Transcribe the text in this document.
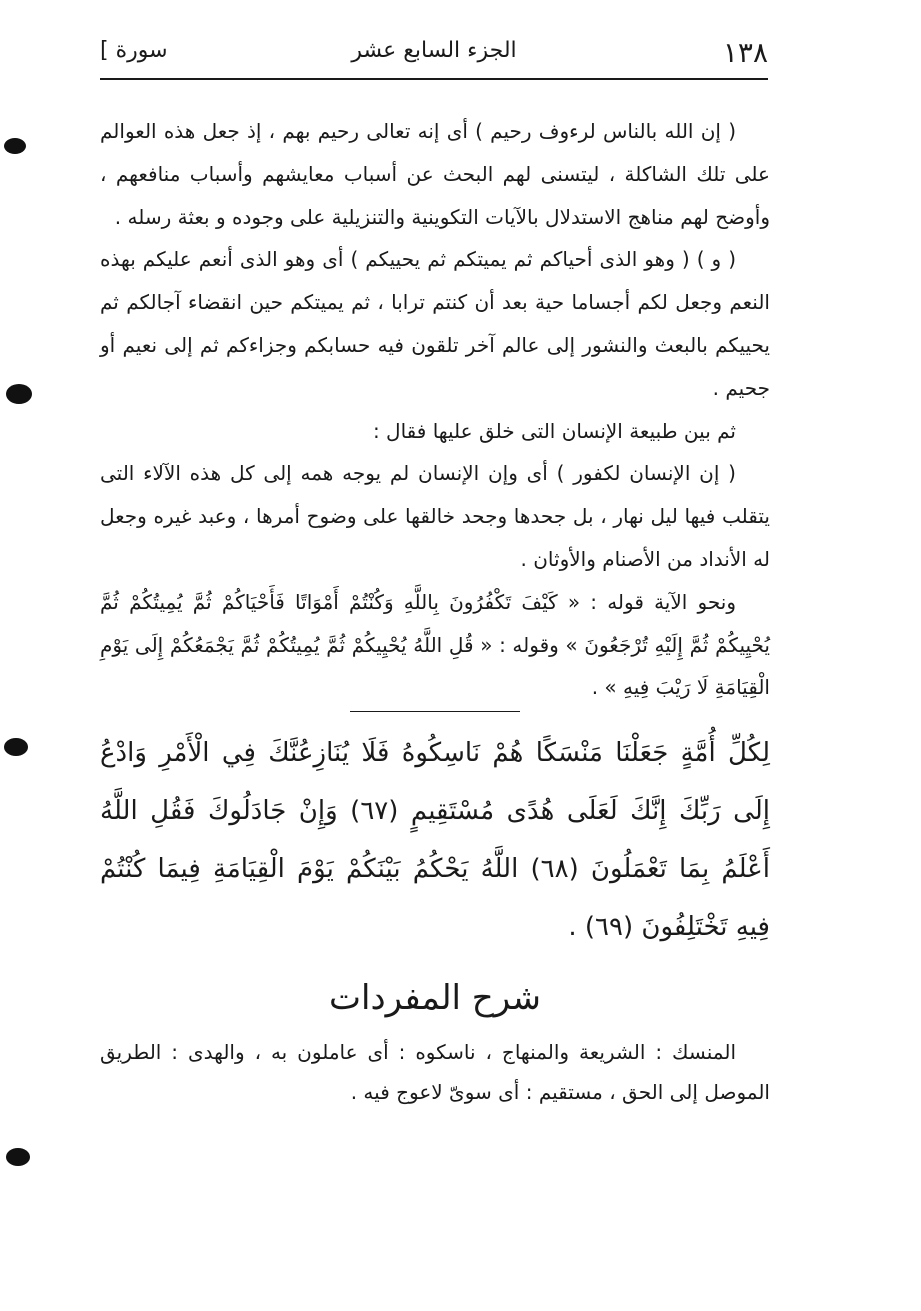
١٣٨
الجزء السابع عشر
سورة ]

( إن الله بالناس لرءوف رحيم ) أى إنه تعالى رحيم بهم ، إذ جعل هذه العوالم على تلك الشاكلة ، ليتسنى لهم البحث عن أسباب معايشهم وأسباب منافعهم ، وأوضح لهم مناهج الاستدلال بالآيات التكوينية والتنزيلية على وجوده و بعثة رسله .

( و ) ( وهو الذى أحياكم ثم يميتكم ثم يحييكم ) أى وهو الذى أنعم عليكم بهذه النعم وجعل لكم أجساما حية بعد أن كنتم ترابا ، ثم يميتكم حين انقضاء آجالكم ثم يحييكم بالبعث والنشور إلى عالم آخر تلقون فيه حسابكم وجزاءكم ثم إلى نعيم أو جحيم .

ثم بين طبيعة الإنسان التى خلق عليها فقال :

( إن الإنسان لكفور ) أى وإن الإنسان لم يوجه همه إلى كل هذه الآلاء التى يتقلب فيها ليل نهار ، بل جحدها وجحد خالقها على وضوح أمرها ، وعبد غيره وجعل له الأنداد من الأصنام والأوثان .

ونحو الآية قوله : « كَيْفَ تَكْفُرُونَ بِاللَّهِ وَكُنْتُمْ أَمْوَاتًا فَأَحْيَاكُمْ ثُمَّ يُمِيتُكُمْ ثُمَّ يُحْيِيكُمْ ثُمَّ إِلَيْهِ تُرْجَعُونَ » وقوله : « قُلِ اللَّهُ يُحْيِيكُمْ ثُمَّ يُمِيتُكُمْ ثُمَّ يَجْمَعُكُمْ إِلَى يَوْمِ الْقِيَامَةِ لَا رَيْبَ فِيهِ » .

لِكُلِّ أُمَّةٍ جَعَلْنَا مَنْسَكًا هُمْ نَاسِكُوهُ فَلَا يُنَازِعُنَّكَ فِي الْأَمْرِ وَادْعُ إِلَى رَبِّكَ إِنَّكَ لَعَلَى هُدًى مُسْتَقِيمٍ (٦٧) وَإِنْ جَادَلُوكَ فَقُلِ اللَّهُ أَعْلَمُ بِمَا تَعْمَلُونَ (٦٨) اللَّهُ يَحْكُمُ بَيْنَكُمْ يَوْمَ الْقِيَامَةِ فِيمَا كُنْتُمْ فِيهِ تَخْتَلِفُونَ (٦٩) .

شرح المفردات

المنسك : الشريعة والمنهاج ، ناسكوه : أى عاملون به ، والهدى : الطريق الموصل إلى الحق ، مستقيم : أى سوىّ لاعوج فيه .
